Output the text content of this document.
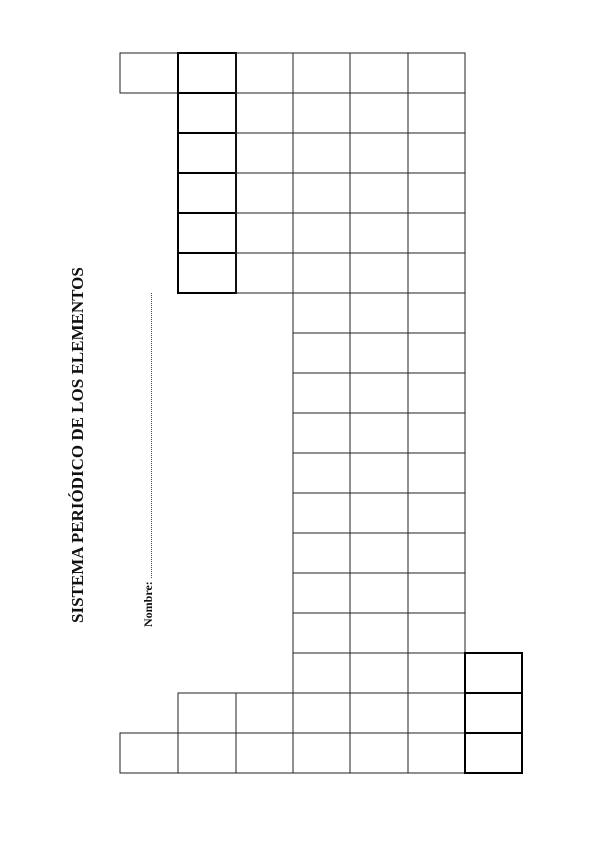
SISTEMA PERIÓDICO DE LOS ELEMENTOS	Nombre:
